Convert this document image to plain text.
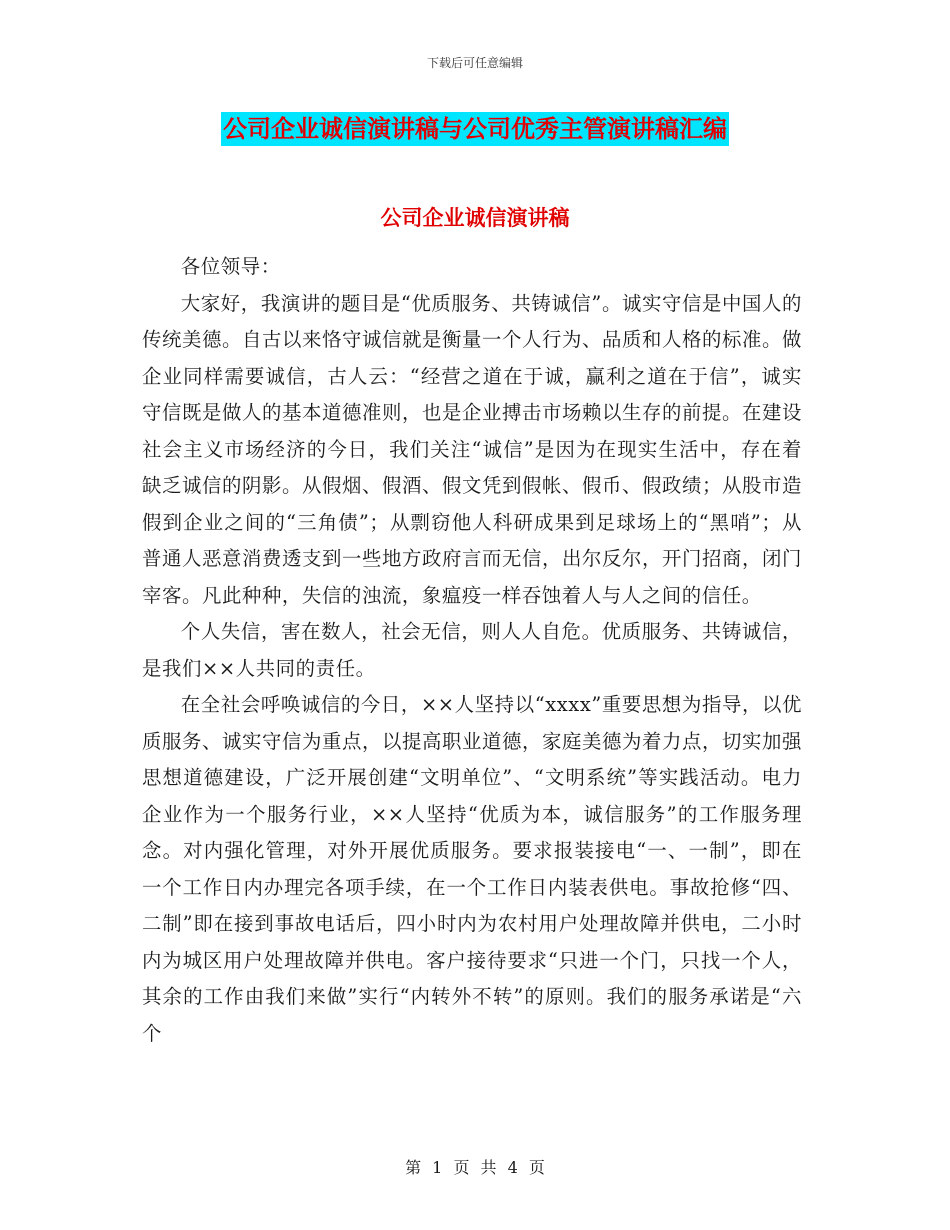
下载后可任意编辑
公司企业诚信演讲稿与公司优秀主管演讲稿汇编
公司企业诚信演讲稿

各位领导：

大家好，我演讲的题目是“优质服务、共铸诚信”。诚实守信是中国人的传统美德。自古以来恪守诚信就是衡量一个人行为、品质和人格的标准。做企业同样需要诚信，古人云：“经营之道在于诚，赢利之道在于信”，诚实守信既是做人的基本道德准则，也是企业搏击市场赖以生存的前提。在建设社会主义市场经济的今日，我们关注“诚信”是因为在现实生活中，存在着缺乏诚信的阴影。从假烟、假酒、假文凭到假帐、假币、假政绩；从股市造假到企业之间的“三角债”；从剽窃他人科研成果到足球场上的“黑哨”；从普通人恶意消费透支到一些地方政府言而无信，出尔反尔，开门招商，闭门宰客。凡此种种，失信的浊流，象瘟疫一样吞蚀着人与人之间的信任。

个人失信，害在数人，社会无信，则人人自危。优质服务、共铸诚信，是我们××人共同的责任。

在全社会呼唤诚信的今日，××人坚持以“xxxx”重要思想为指导，以优质服务、诚实守信为重点，以提高职业道德，家庭美德为着力点，切实加强思想道德建设，广泛开展创建“文明单位”、“文明系统”等实践活动。电力企业作为一个服务行业，××人坚持“优质为本，诚信服务”的工作服务理念。对内强化管理，对外开展优质服务。要求报装接电“一、一制”，即在一个工作日内办理完各项手续，在一个工作日内装表供电。事故抢修“四、二制”即在接到事故电话后，四小时内为农村用户处理故障并供电，二小时内为城区用户处理故障并供电。客户接待要求“只进一个门，只找一个人，其余的工作由我们来做”实行“内转外不转”的原则。我们的服务承诺是“六个

第 1 页 共 4 页
